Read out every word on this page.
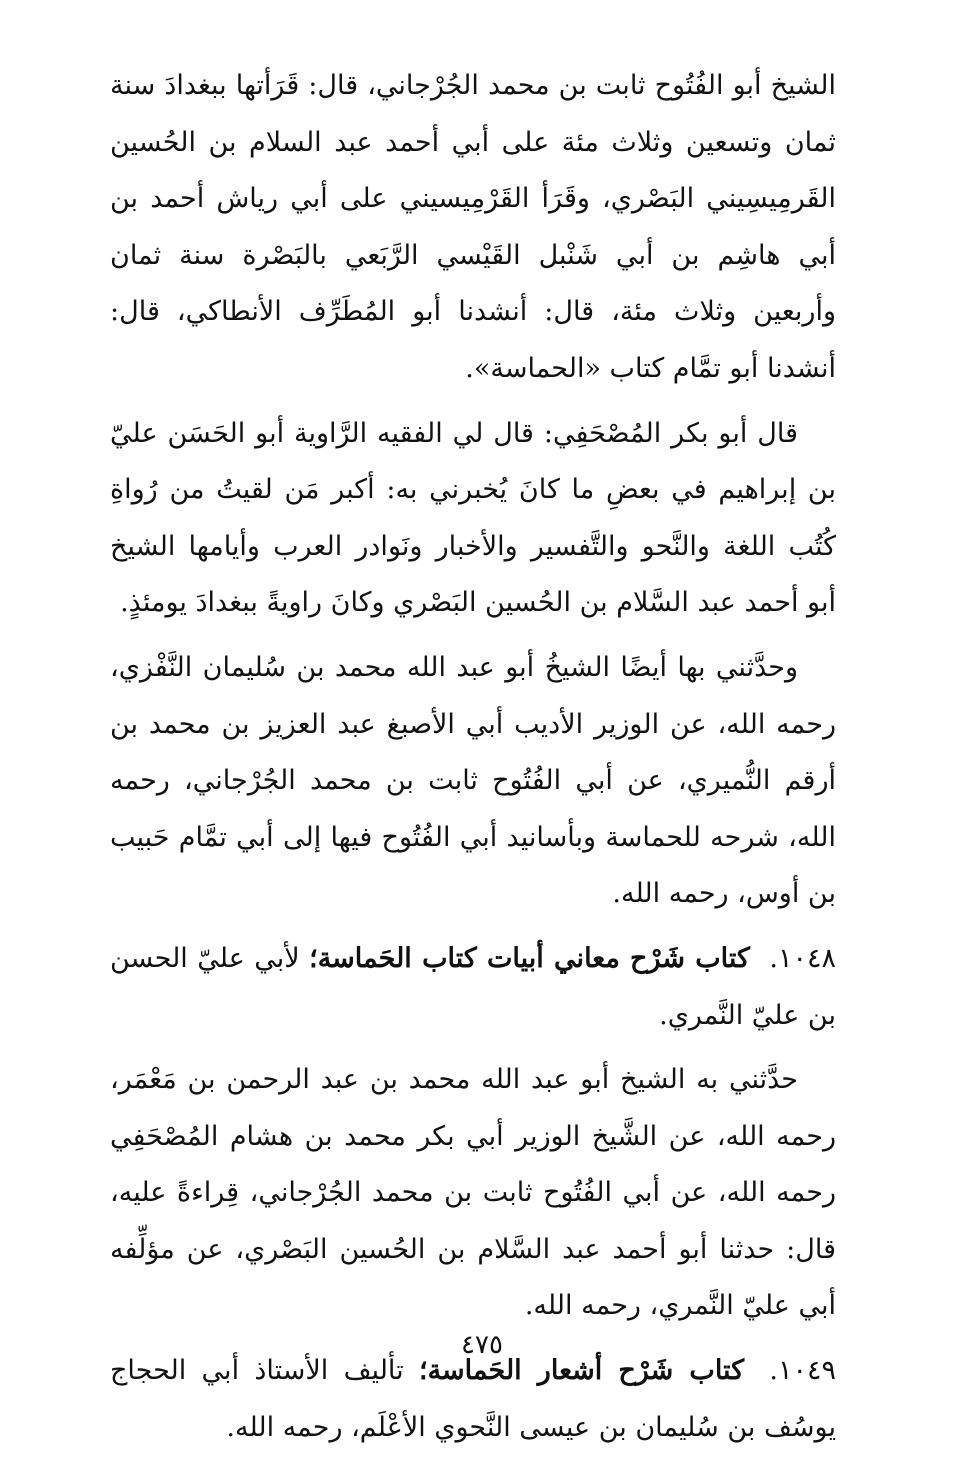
الشيخ أبو الفُتُوح ثابت بن محمد الجُرْجاني، قال: قَرَأتها ببغدادَ سنة ثمان وتسعين وثلاث مئة على أبي أحمد عبد السلام بن الحُسين القَرمِيسِيني البَصْري، وقَرَأ القَرْمِيسيني على أبي رياش أحمد بن أبي هاشِم بن أبي شَنْبل القَيْسي الرَّبَعي بالبَصْرة سنة ثمان وأربعين وثلاث مئة، قال: أنشدنا أبو المُطَرِّف الأنطاكي، قال: أنشدنا أبو تمَّام كتاب «الحماسة».

قال أبو بكر المُصْحَفِي: قال لي الفقيه الرَّاوية أبو الحَسَن عليّ بن إبراهيم في بعضِ ما كانَ يُخبرني به: أكبر مَن لقيتُ من رُواةِ كُتُب اللغة والنَّحو والتَّفسير والأخبار ونَوادر العرب وأيامها الشيخ أبو أحمد عبد السَّلام بن الحُسين البَصْري وكانَ راويةً ببغدادَ يومئذٍ.

وحدَّثني بها أيضًا الشيخُ أبو عبد الله محمد بن سُليمان النَّفْزي، رحمه الله، عن الوزير الأديب أبي الأصبغ عبد العزيز بن محمد بن أرقم النُّميري، عن أبي الفُتُوح ثابت بن محمد الجُرْجاني، رحمه الله، شرحه للحماسة وبأسانيد أبي الفُتُوح فيها إلى أبي تمَّام حَبيب بن أوس، رحمه الله.

١٠٤٨. كتاب شَرْح معاني أبيات كتاب الحَماسة؛ لأبي عليّ الحسن بن عليّ النَّمري.

حدَّثني به الشيخ أبو عبد الله محمد بن عبد الرحمن بن مَعْمَر، رحمه الله، عن الشَّيخ الوزير أبي بكر محمد بن هشام المُصْحَفِي رحمه الله، عن أبي الفُتُوح ثابت بن محمد الجُرْجاني، قِراءةً عليه، قال: حدثنا أبو أحمد عبد السَّلام بن الحُسين البَصْري، عن مؤلِّفه أبي عليّ النَّمري، رحمه الله.

١٠٤٩. كتاب شَرْح أشعار الحَماسة؛ تأليف الأستاذ أبي الحجاج يوسُف بن سُليمان بن عيسى النَّحوي الأعْلَم، رحمه الله.

٤٧٥
